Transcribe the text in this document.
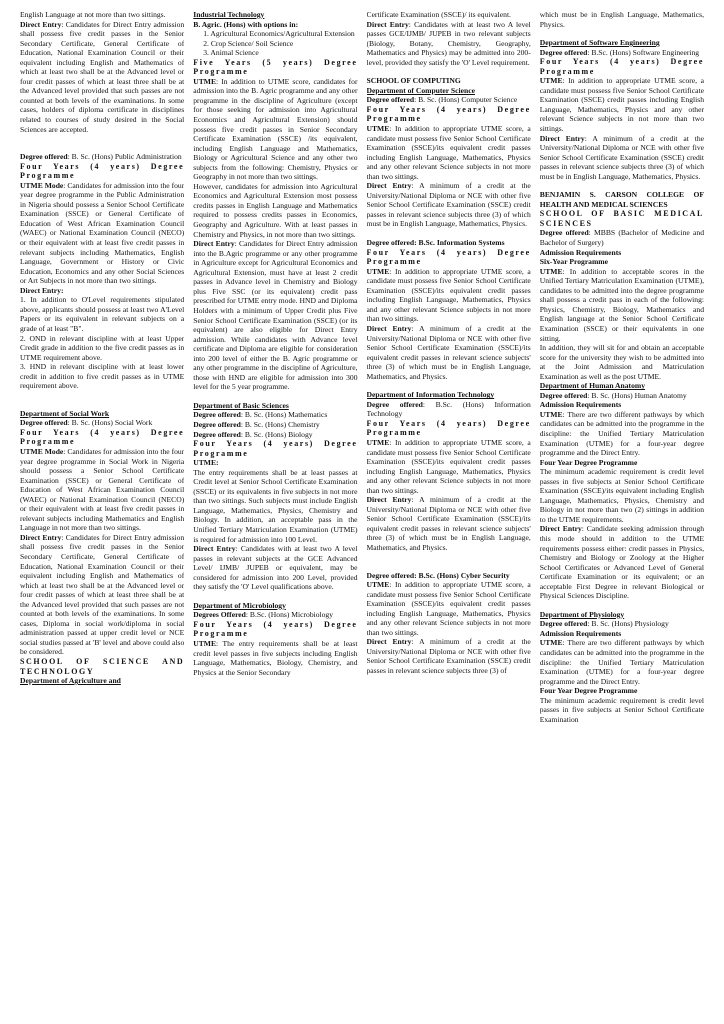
English Language at not more than two sittings.

Direct Entry: Candidates for Direct Entry admission shall possess five credit passes in the Senior Secondary Certificate, General Certificate of Education, National Examination Council or their equivalent including English and Mathematics of which at least two shall be at the Advanced level or four credit passes of which at least three shall be at the Advanced level provided that such passes are not counted at both levels of the examinations. In some cases, holders of diploma certificate in disciplines related to courses of study desired in the Social Sciences are accepted.

Degree offered: B. Sc. (Hons) Public Administration

Four Years (4 years) Degree Programme

UTME Mode: Candidates for admission into the four year degree programme in the Public Administration in Nigeria should possess a Senior School Certificate Examination (SSCE) or General Certificate of Education of West African Examination Council (WAEC) or National Examination Council (NECO) or their equivalent with at least five credit passes in relevant subjects including Mathematics, English Language, Government or History or Civic Education, Economics and any other Social Sciences or Art Subjects in not more than two sittings.

Direct Entry:

1. In addition to O'Level requirements stipulated above, applicants should possess at least two A'Level Papers or its equivalent in relevant subjects on a grade of at least "B".

2. OND in relevant discipline with at least Upper Credit grade in addition to the five credit passes as in UTME requirement above.

3. HND in relevant discipline with at least lower credit in addition to five credit passes as in UTME requirement above.

Department of Social Work

Degree offered: B. Sc. (Hons) Social Work

Four Years (4 years) Degree Programme

UTME Mode: Candidates for admission into the four year degree programme in Social Work in Nigeria should possess a Senior School Certificate Examination (SSCE) or General Certificate of Education of West African Examination Council (WAEC) or National Examination Council (NECO) or their equivalent with at least five credit passes in relevant subjects including Mathematics and English Language in not more than two sittings.

Direct Entry: Candidates for Direct Entry admission shall possess five credit passes in the Senior Secondary Certificate, General Certificate of Education, National Examination Council or their equivalent including English and Mathematics of which at least two shall be at the Advanced level or four credit passes of which at least three shall be at the Advanced level provided that such passes are not counted at both levels of the examinations. In some cases, Diploma in social work/diploma in social administration passed at upper credit level or NCE social studies passed at 'B' level and above could also be considered.

SCHOOL OF SCIENCE AND TECHNOLOGY

Department of Agriculture and

Industrial Technology

B. Agric. (Hons) with options in:

1. Agricultural Economics/Agricultural Extension

2. Crop Science/ Soil Science

3. Animal Science

Five Years (5 years) Degree Programme

UTME: In addition to UTME score, candidates for admission into the B. Agric programme and any other programme in the discipline of Agriculture (except for those seeking for admission into Agricultural Economics and Agricultural Extension) should possess five credit passes in Senior Secondary Certificate Examination (SSCE) /its equivalent, including English Language and Mathematics, Biology or Agricultural Science and any other two subjects from the following: Chemistry, Physics or Geography in not more than two sittings.

However, candidates for admission into Agricultural Economics and Agricultural Extension most possess credits passes in English Language and Mathematics required to possess credits passes in Economics, Geography and Agriculture. With at least passes in Chemistry and Physics, in not more than two sittings.

Direct Entry: Candidates for Direct Entry admission into the B.Agric programme or any other programme in Agriculture except for Agricultural Economics and Agricultural Extension, must have at least 2 credit passes in Advance level in Chemistry and Biology plus Five SSC (or its equivalent) credit pass prescribed for UTME entry mode. HND and Diploma Holders with a minimum of Upper Credit plus Five Senior School Certificate Examination (SSCE) (or its equivalent) are also eligible for Direct Entry admission. While candidates with Advance level certificate and Diploma are eligible for consideration into 200 level of either the B. Agric programme or any other programme in the discipline of Agriculture, those with HND are eligible for admission into 300 level for the 5 year programme.

Department of Basic Sciences

Degree offered: B. Sc. (Hons) Mathematics

Degree offered: B. Sc. (Hons) Chemistry

Degree offered: B. Sc. (Hons) Biology

Four Years (4 years) Degree Programme

UTME:

The entry requirements shall be at least passes at Credit level at Senior School Certificate Examination (SSCE) or its equivalents in five subjects in not more than two sittings. Such subjects must include English Language, Mathematics, Physics, Chemistry and Biology. In addition, an acceptable pass in the Unified Tertiary Matriculation Examination (UTME) is required for admission into 100 Level.

Direct Entry: Candidates with at least two A level passes in relevant subjects at the GCE Advanced Level/ IJMB/ JUPEB or equivalent, may be considered for admission into 200 Level, provided they satisfy the 'O' Level qualifications above.

Department of Microbiology

Degrees Offered: B.Sc. (Hons) Microbiology

Four Years (4 years) Degree Programme

UTME: The entry requirements shall be at least credit level passes in five subjects including English Language, Mathematics, Biology, Chemistry, and Physics at the Senior Secondary

Certificate Examination (SSCE)/ its equivalent.

Direct Entry: Candidates with at least two A level passes GCE/IJMB/ JUPEB in two relevant subjects (Biology, Botany, Chemistry, Geography, Mathematics and Physics) may be admitted into 200-level, provided they satisfy the 'O' Level requirement.

SCHOOL OF COMPUTING

Department of Computer Science

Degree offered: B. Sc. (Hons) Computer Science

Four Years (4 years) Degree Programme

UTME: In addition to appropriate UTME score, a candidate must possess five Senior School Certificate Examination (SSCE)/its equivalent credit passes including English Language, Mathematics, Physics and any other relevant Science subjects in not more than two sittings.

Direct Entry: A minimum of a credit at the University/National Diploma or NCE with other five Senior School Certificate Examination (SSCE) credit passes in relevant science subjects three (3) of which must be in English Language, Mathematics, Physics.

Degree offered: B.Sc. Information Systems

Four Years (4 years) Degree Programme

UTME: In addition to appropriate UTME score, a candidate must possess five Senior School Certificate Examination (SSCE)/its equivalent credit passes including English Language, Mathematics, Physics and any other relevant Science subjects in not more than two sittings.

Direct Entry: A minimum of a credit at the University/National Diploma or NCE with other five Senior School Certificate Examination (SSCE)/its equivalent credit passes in relevant science subjects' three (3) of which must be in English Language, Mathematics, and Physics.

Department of Information Technology

Degree offered: B.Sc. (Hons) Information Technology

Four Years (4 years) Degree Programme

UTME: In addition to appropriate UTME score, a candidate must possess five Senior School Certificate Examination (SSCE)/its equivalent credit passes including English Language, Mathematics, Physics and any other relevant Science subjects in not more than two sittings.

Direct Entry: A minimum of a credit at the University/National Diploma or NCE with other five Senior School Certificate Examination (SSCE)/its equivalent credit passes in relevant science subjects' three (3) of which must be in English Language, Mathematics, and Physics.

Degree offered: B.Sc. (Hons) Cyber Security

UTME: In addition to appropriate UTME score, a candidate must possess five Senior School Certificate Examination (SSCE)/its equivalent credit passes including English Language, Mathematics, Physics and any other relevant Science subjects in not more than two sittings.

Direct Entry: A minimum of a credit at the University/National Diploma or NCE with other five Senior School Certificate Examination (SSCE) credit passes in relevant science subjects three (3) of

which must be in English Language, Mathematics, Physics.

Department of Software Engineering

Degree offered: B.Sc. (Hons) Software Engineering

Four Years (4 years) Degree Programme

UTME: In addition to appropriate UTME score, a candidate must possess five Senior School Certificate Examination (SSCE) credit passes including English Language, Mathematics, Physics and any other relevant Science subjects in not more than two sittings.

Direct Entry: A minimum of a credit at the University/National Diploma or NCE with other five Senior School Certificate Examination (SSCE) credit passes in relevant science subjects three (3) of which must be in English Language, Mathematics, Physics.

BENJAMIN S. CARSON COLLEGE OF HEALTH AND MEDICAL SCIENCES

SCHOOL OF BASIC MEDICAL SCIENCES

Degree offered: MBBS (Bachelor of Medicine and Bachelor of Surgery)

Admission Requirements

Six-Year Programme

UTME: In addition to acceptable scores in the Unified Tertiary Matriculation Examination (UTME), candidates to be admitted into the degree programme shall possess a credit pass in each of the following: Physics, Chemistry, Biology, Mathematics and English language at the Senior School Certificate Examination (SSCE) or their equivalents in one sitting.

In addition, they will sit for and obtain an acceptable score for the university they wish to be admitted into at the Joint Admission and Matriculation Examination as well as the post UTME.

Department of Human Anatomy

Degree offered: B. Sc. (Hons) Human Anatomy

Admission Requirements

UTME: There are two different pathways by which candidates can be admitted into the programme in the discipline: the Unified Tertiary Matriculation Examination (UTME) for a four-year degree programme and the Direct Entry.

Four Year Degree Programme

The minimum academic requirement is credit level passes in five subjects at Senior School Certificate Examination (SSCE)/its equivalent including English Language, Mathematics, Physics, Chemistry and Biology in not more than two (2) sittings in addition to the UTME requirements.

Direct Entry: Candidate seeking admission through this mode should in addition to the UTME requirements possess either: credit passes in Physics, Chemistry and Biology or Zoology at the Higher School Certificates or Advanced Level of General Certificate Examination or its equivalent; or an acceptable First Degree in relevant Biological or Physical Sciences Discipline.

Department of Physiology

Degree offered: B. Sc. (Hons) Physiology

Admission Requirements

UTME: There are two different pathways by which candidates can be admitted into the programme in the discipline: the Unified Tertiary Matriculation Examination (UTME) for a four-year degree programme and the Direct Entry.

Four Year Degree Programme

The minimum academic requirement is credit level passes in five subjects at Senior School Certificate Examination
